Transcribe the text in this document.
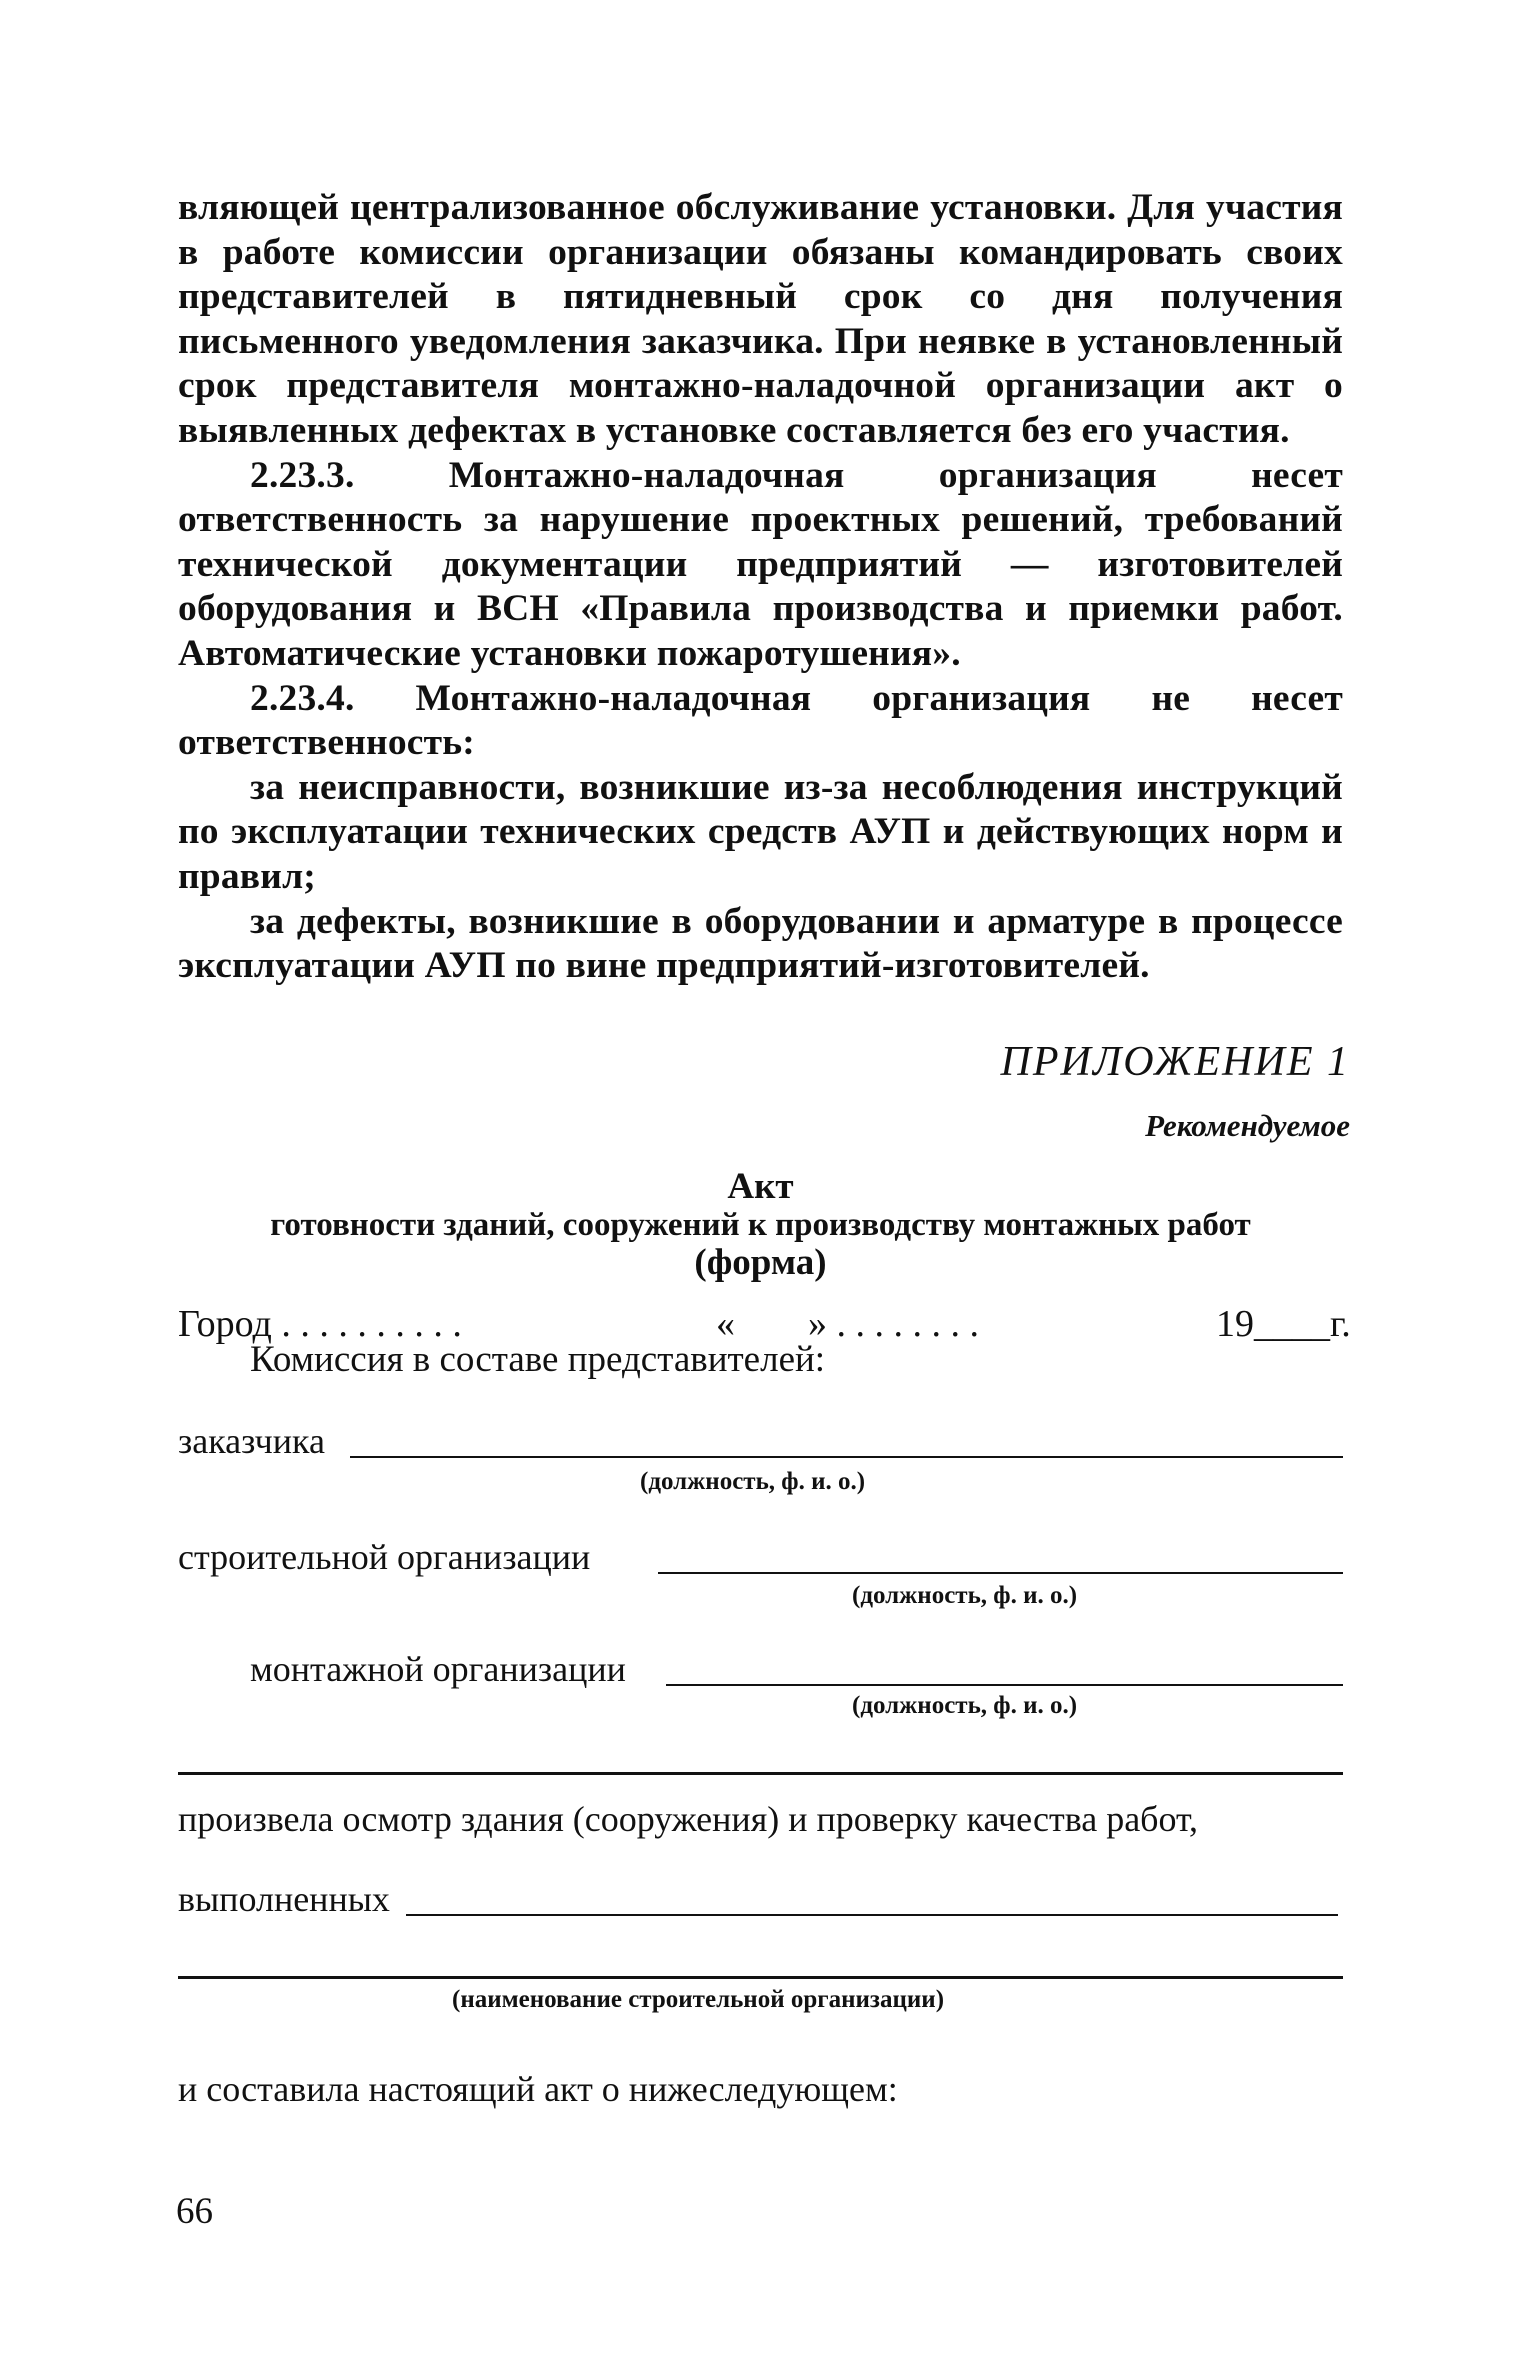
вляющей централизованное обслуживание установки. Для участия в работе комиссии организации обязаны командировать своих представителей в пятидневный срок со дня получения письменного уведомления заказчика. При неявке в установленный срок представителя монтажно-наладочной организации акт о выявленных дефектах в установке составляется без его участия.

2.23.3. Монтажно-наладочная организация несет ответственность за нарушение проектных решений, требований технической документации предприятий — изготовителей оборудования и ВСН «Правила производства и приемки работ. Автоматические установки пожаротушения».

2.23.4. Монтажно-наладочная организация не несет ответственность:

за неисправности, возникшие из-за несоблюдения инструкций по эксплуатации технических средств АУП и действующих норм и правил;

за дефекты, возникшие в оборудовании и арматуре в процессе эксплуатации АУП по вине предприятий-изготовителей.

ПРИЛОЖЕНИЕ 1
Рекомендуемое
Акт
готовности зданий, сооружений к производству монтажных работ
(форма)
Город . . . . . . . . . .	« » . . . . . . . .	19____г.
Комиссия в составе представителей:
заказчика
(должность, ф. и. о.)
строительной организации
(должность, ф. и. о.)
монтажной организации
(должность, ф. и. о.)
произвела осмотр здания (сооружения) и проверку качества работ,
выполненных
(наименование строительной организации)
и составила настоящий акт о нижеследующем:
66
